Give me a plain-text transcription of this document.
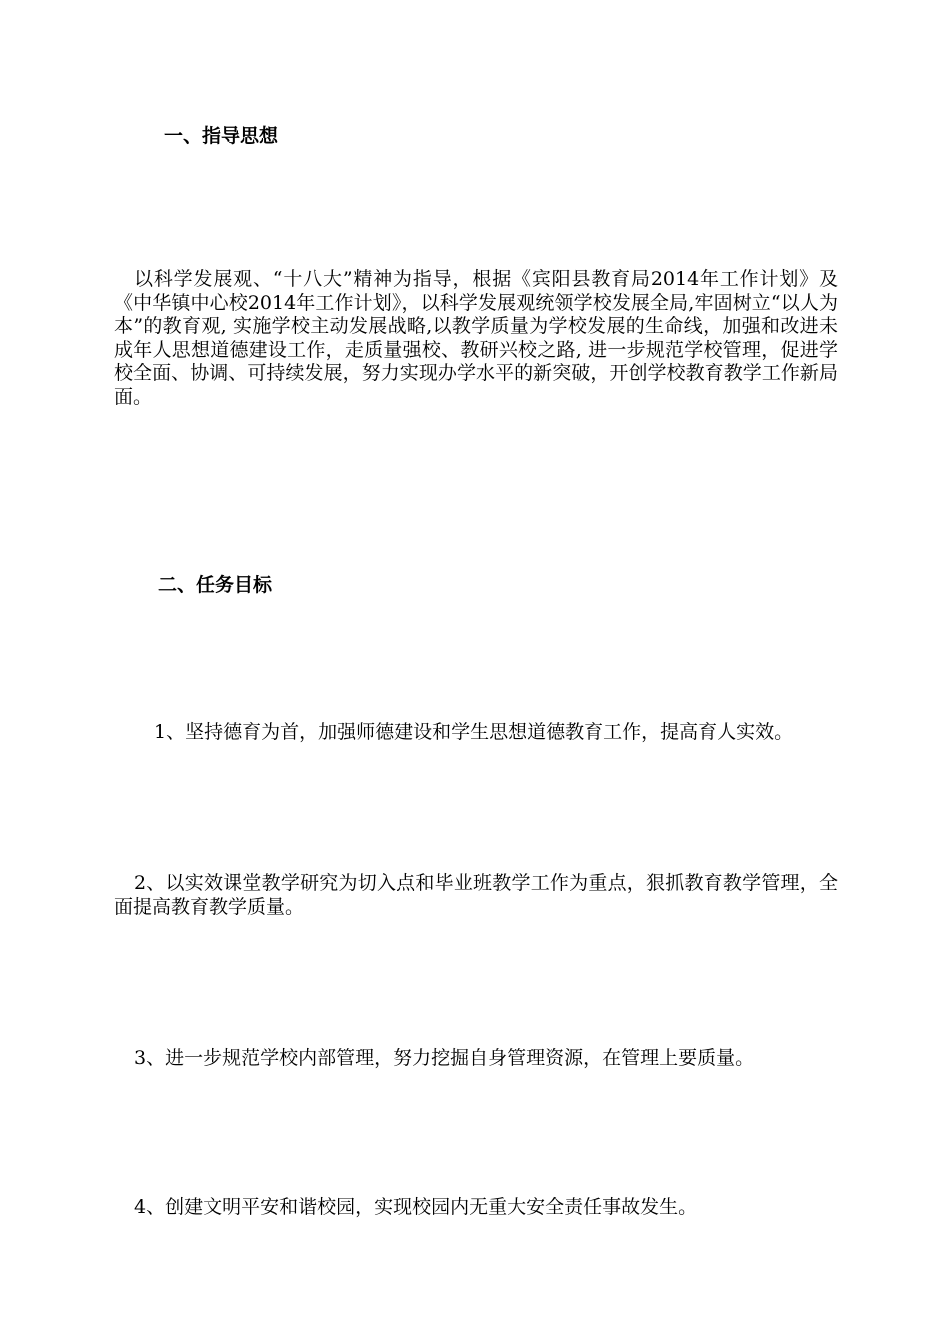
一、指导思想
以科学发展观、“十八大”精神为指导，根据《宾阳县教育局2014年工作计划》及《中华镇中心校2014年工作计划》，以科学发展观统领学校发展全局,牢固树立“以人为本”的教育观, 实施学校主动发展战略,以教学质量为学校发展的生命线，加强和改进未成年人思想道德建设工作，走质量强校、教研兴校之路, 进一步规范学校管理，促进学校全面、协调、可持续发展，努力实现办学水平的新突破，开创学校教育教学工作新局面。
二、任务目标
1、坚持德育为首，加强师德建设和学生思想道德教育工作，提高育人实效。
2、以实效课堂教学研究为切入点和毕业班教学工作为重点，狠抓教育教学管理，全面提高教育教学质量。
3、进一步规范学校内部管理，努力挖掘自身管理资源，在管理上要质量。
4、创建文明平安和谐校园，实现校园内无重大安全责任事故发生。
